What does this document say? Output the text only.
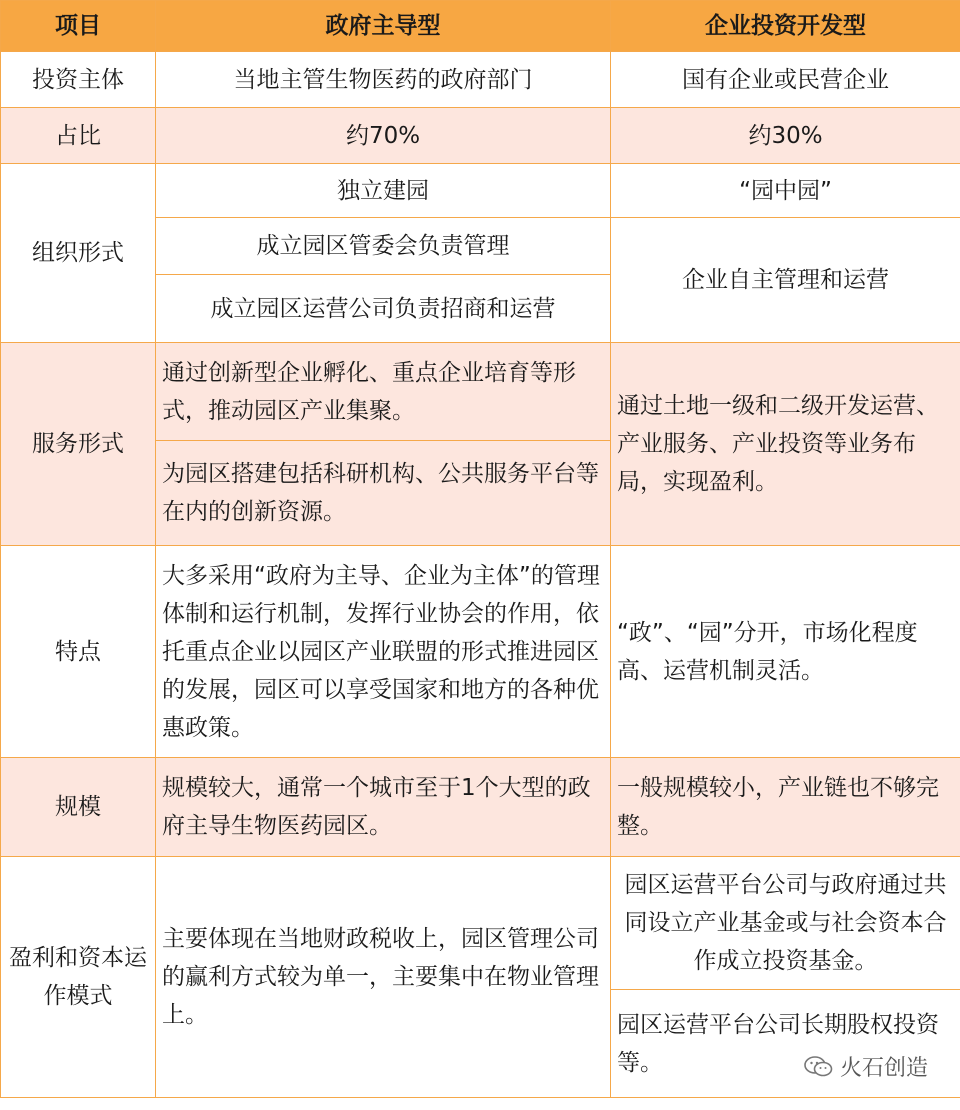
项目	政府主导型	企业投资开发型
投资主体	当地主管生物医药的政府部门	国有企业或民营企业
占比	约70%	约30%
组织形式	独立建园	“园中园”
	成立园区管委会负责管理	企业自主管理和运营
	成立园区运营公司负责招商和运营	
服务形式	通过创新型企业孵化、重点企业培育等形式，推动园区产业集聚。	通过土地一级和二级开发运营、产业服务、产业投资等业务布局，实现盈利。
	为园区搭建包括科研机构、公共服务平台等在内的创新资源。	
特点	大多采用“政府为主导、企业为主体”的管理体制和运行机制，发挥行业协会的作用，依托重点企业以园区产业联盟的形式推进园区的发展，园区可以享受国家和地方的各种优惠政策。	“政”、“园”分开，市场化程度高、运营机制灵活。
规模	规模较大，通常一个城市至于1个大型的政府主导生物医药园区。	一般规模较小，产业链也不够完整。
盈利和资本运作模式	主要体现在当地财政税收上，园区管理公司的赢利方式较为单一，主要集中在物业管理上。	园区运营平台公司与政府通过共同设立产业基金或与社会资本合作成立投资基金。
		园区运营平台公司长期股权投资等。	火石创造
